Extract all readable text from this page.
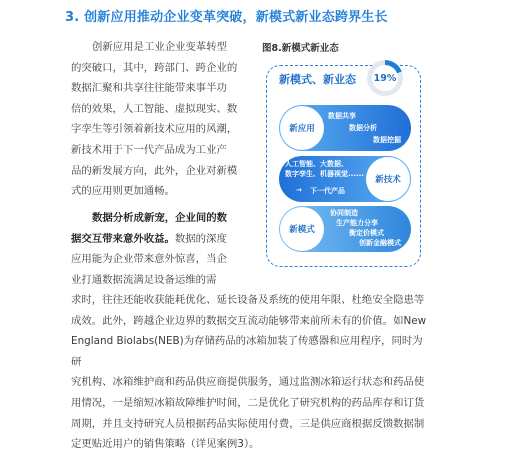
3. 创新应用推动企业变革突破，新模式新业态跨界生长
创新应用是工业企业变革转型
的突破口，其中，跨部门、跨企业的
数据汇聚和共享往往能带来事半功
倍的效果，人工智能、虚拟现实、数
字孪生等引领着新技术应用的风潮，
新技术用于下一代产品成为工业产
品的新发展方向，此外，企业对新模
式的应用则更加通畅。
数据分析成新宠，企业间的数
据交互带来意外收益。数据的深度
应用能为企业带来意外惊喜，当企
业打通数据流满足设备运维的需
求时，往往还能收获能耗优化、延长设备及系统的使用年限、杜绝安全隐患等
成效。此外，跨越企业边界的数据交互流动能够带来前所未有的价值。如New
England Biolabs(NEB)为存储药品的冰箱加装了传感器和应用程序，同时为研
究机构、冰箱维护商和药品供应商提供服务，通过监测冰箱运行状态和药品使
用情况，一是缩短冰箱故障维护时间，二是优化了研究机构的药品库存和订货
周期，并且支持研究人员根据药品实际使用付费，三是供应商根据反馈数据制
定更贴近用户的销售策略（详见案例3）。
图8.新模式新业态
新模式、新业态 19%
新应用
数据共享
数据分析
数据挖掘
新技术
人工智能、大数据、
数字孪生、机器视觉......
下一代产品
→
新模式
协同制造
生产能力分享
衡定价模式
创新金融模式
